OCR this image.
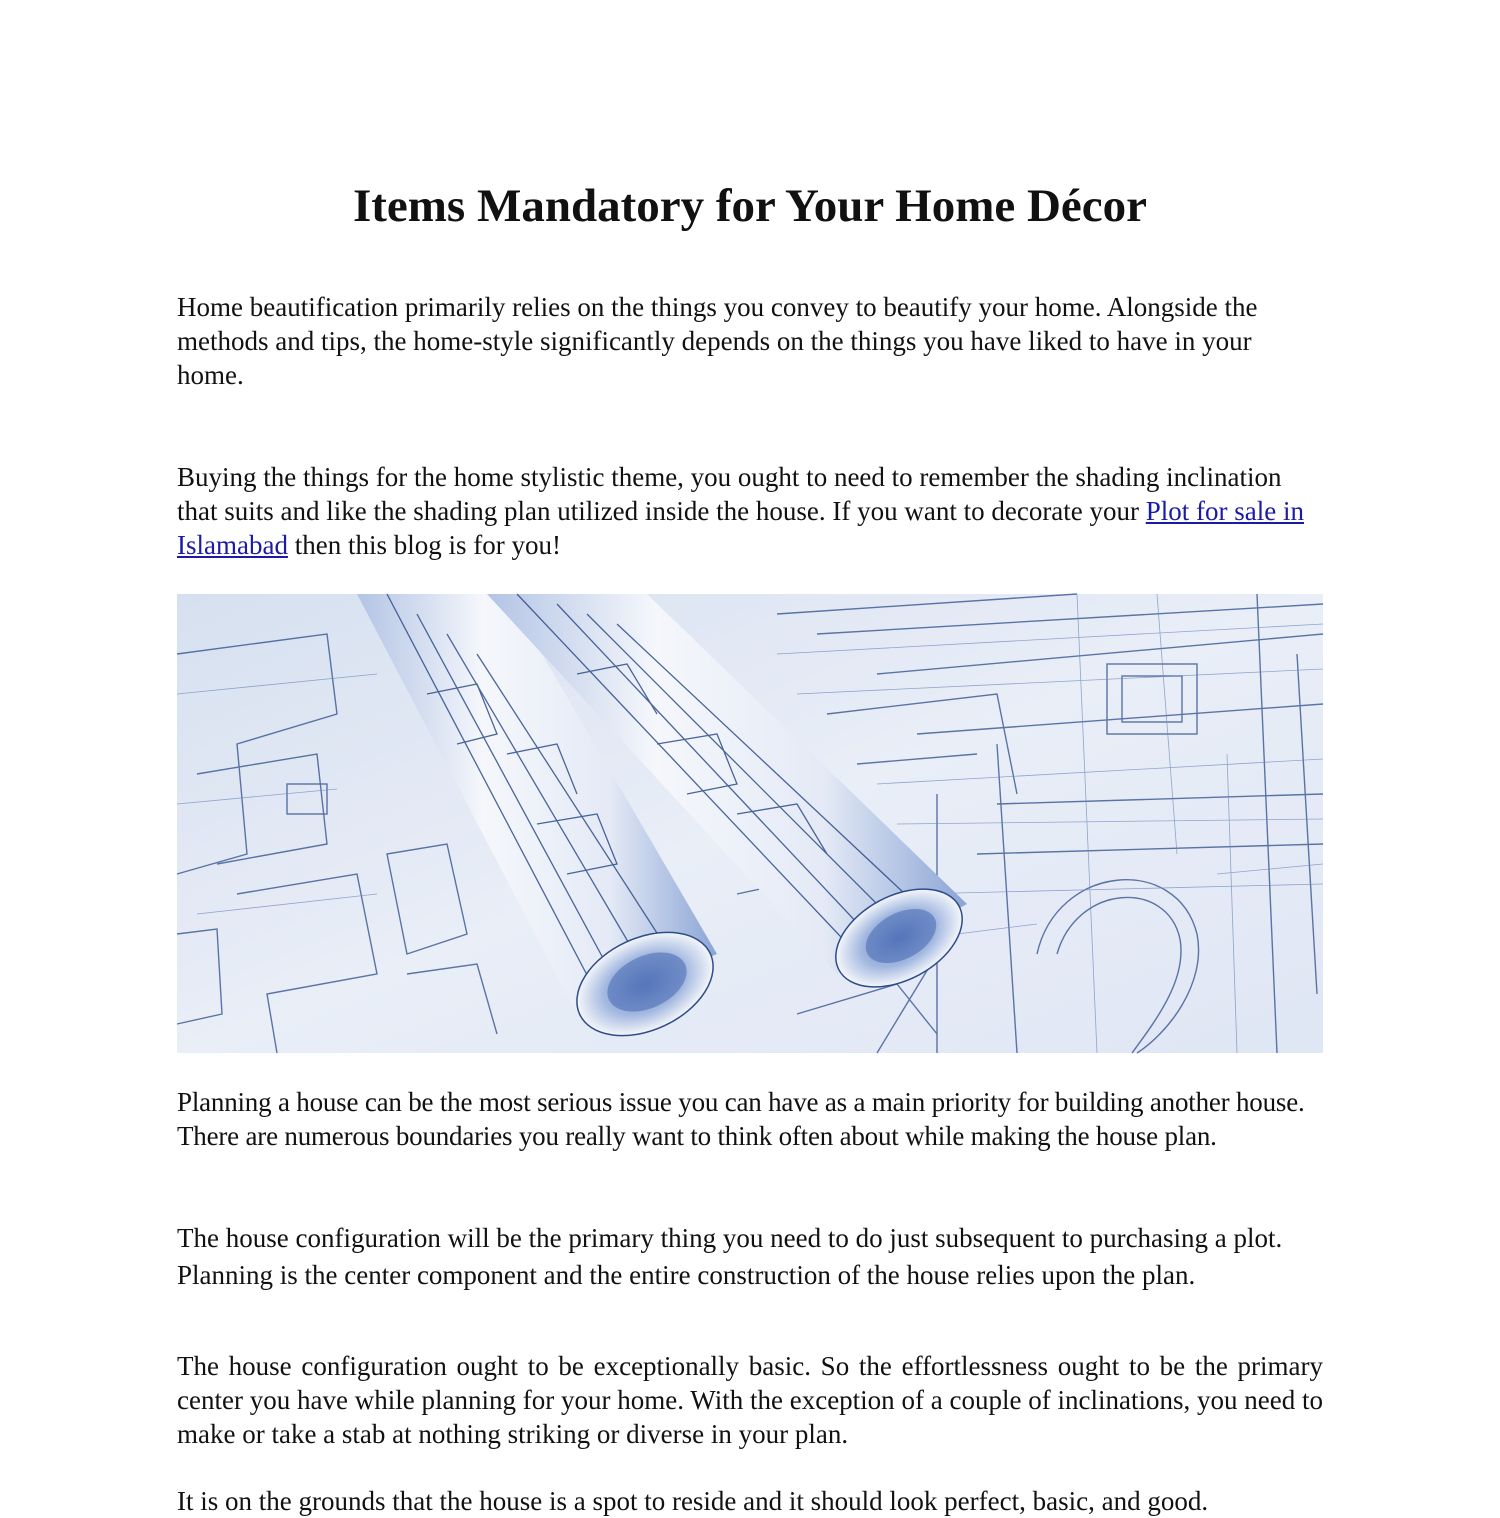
Items Mandatory for Your Home Décor

Home beautification primarily relies on the things you convey to beautify your home. Alongside the methods and tips, the home-style significantly depends on the things you have liked to have in your home.

Buying the things for the home stylistic theme, you ought to need to remember the shading inclination that suits and like the shading plan utilized inside the house. If you want to decorate your Plot for sale in Islamabad then this blog is for you!

Planning a house can be the most serious issue you can have as a main priority for building another house. There are numerous boundaries you really want to think often about while making the house plan.

The house configuration will be the primary thing you need to do just subsequent to purchasing a plot. Planning is the center component and the entire construction of the house relies upon the plan.

The house configuration ought to be exceptionally basic. So the effortlessness ought to be the primary center you have while planning for your home. With the exception of a couple of inclinations, you need to make or take a stab at nothing striking or diverse in your plan.

It is on the grounds that the house is a spot to reside and it should look perfect, basic, and good.
